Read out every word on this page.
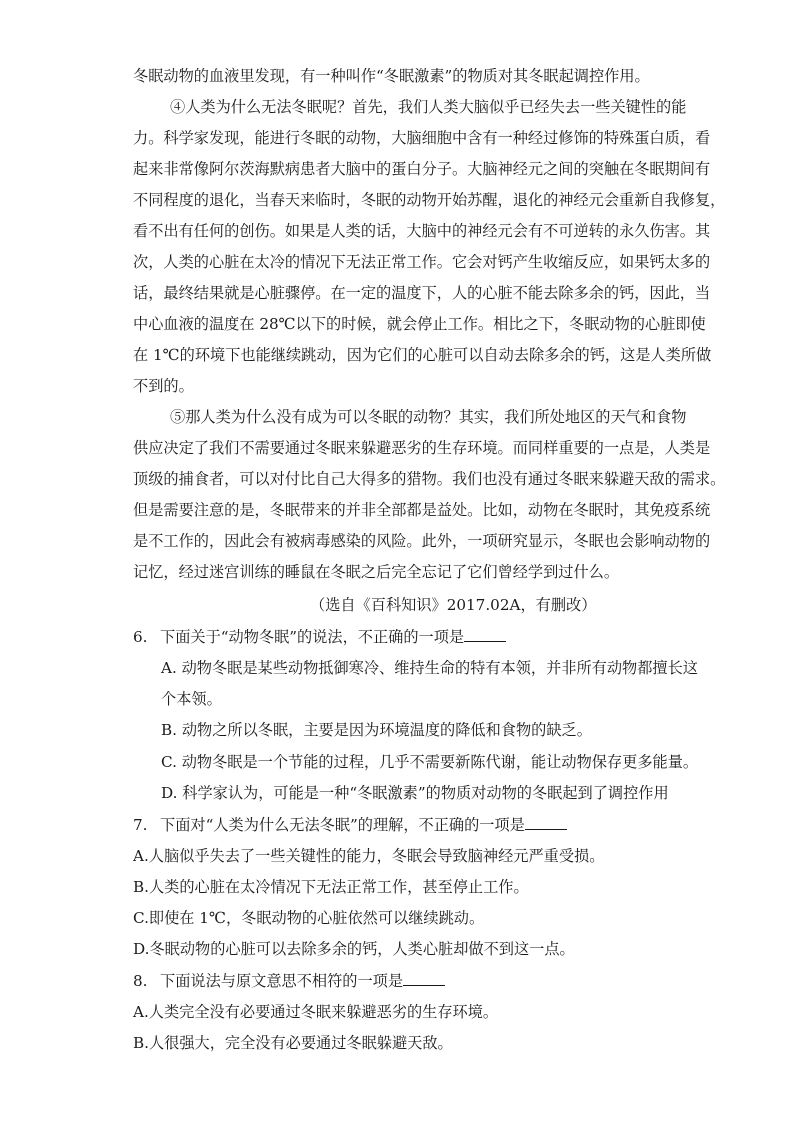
冬眠动物的血液里发现，有一种叫作“冬眠激素”的物质对其冬眠起调控作用。
④人类为什么无法冬眠呢？首先，我们人类大脑似乎已经失去一些关键性的能
力。科学家发现，能进行冬眠的动物，大脑细胞中含有一种经过修饰的特殊蛋白质，看
起来非常像阿尔茨海默病患者大脑中的蛋白分子。大脑神经元之间的突触在冬眠期间有
不同程度的退化，当春天来临时，冬眠的动物开始苏醒，退化的神经元会重新自我修复，
看不出有任何的创伤。如果是人类的话，大脑中的神经元会有不可逆转的永久伤害。其
次，人类的心脏在太冷的情况下无法正常工作。它会对钙产生收缩反应，如果钙太多的
话，最终结果就是心脏骤停。在一定的温度下，人的心脏不能去除多余的钙，因此，当
中心血液的温度在 28℃以下的时候，就会停止工作。相比之下，冬眠动物的心脏即使
在 1℃的环境下也能继续跳动，因为它们的心脏可以自动去除多余的钙，这是人类所做
不到的。
⑤那人类为什么没有成为可以冬眠的动物？其实，我们所处地区的天气和食物
供应决定了我们不需要通过冬眠来躲避恶劣的生存环境。而同样重要的一点是，人类是
顶级的捕食者，可以对付比自己大得多的猎物。我们也没有通过冬眠来躲避天敌的需求。
但是需要注意的是，冬眠带来的并非全部都是益处。比如，动物在冬眠时，其免疫系统
是不工作的，因此会有被病毒感染的风险。此外，一项研究显示，冬眠也会影响动物的
记忆，经过迷宫训练的睡鼠在冬眠之后完全忘记了它们曾经学到过什么。
（选自《百科知识》2017.02A，有删改）
6. 下面关于“动物冬眠”的说法，不正确的一项是
A. 动物冬眠是某些动物抵御寒冷、维持生命的特有本领，并非所有动物都擅长这
个本领。
B. 动物之所以冬眠，主要是因为环境温度的降低和食物的缺乏。
C. 动物冬眠是一个节能的过程，几乎不需要新陈代谢，能让动物保存更多能量。
D. 科学家认为，可能是一种“冬眠激素”的物质对动物的冬眠起到了调控作用
7. 下面对“人类为什么无法冬眠”的理解，不正确的一项是
A.人脑似乎失去了一些关键性的能力，冬眠会导致脑神经元严重受损。
B.人类的心脏在太冷情况下无法正常工作，甚至停止工作。
C.即使在 1℃，冬眠动物的心脏依然可以继续跳动。
D.冬眠动物的心脏可以去除多余的钙，人类心脏却做不到这一点。
8. 下面说法与原文意思不相符的一项是
A.人类完全没有必要通过冬眠来躲避恶劣的生存环境。
B.人很强大，完全没有必要通过冬眠躲避天敌。
